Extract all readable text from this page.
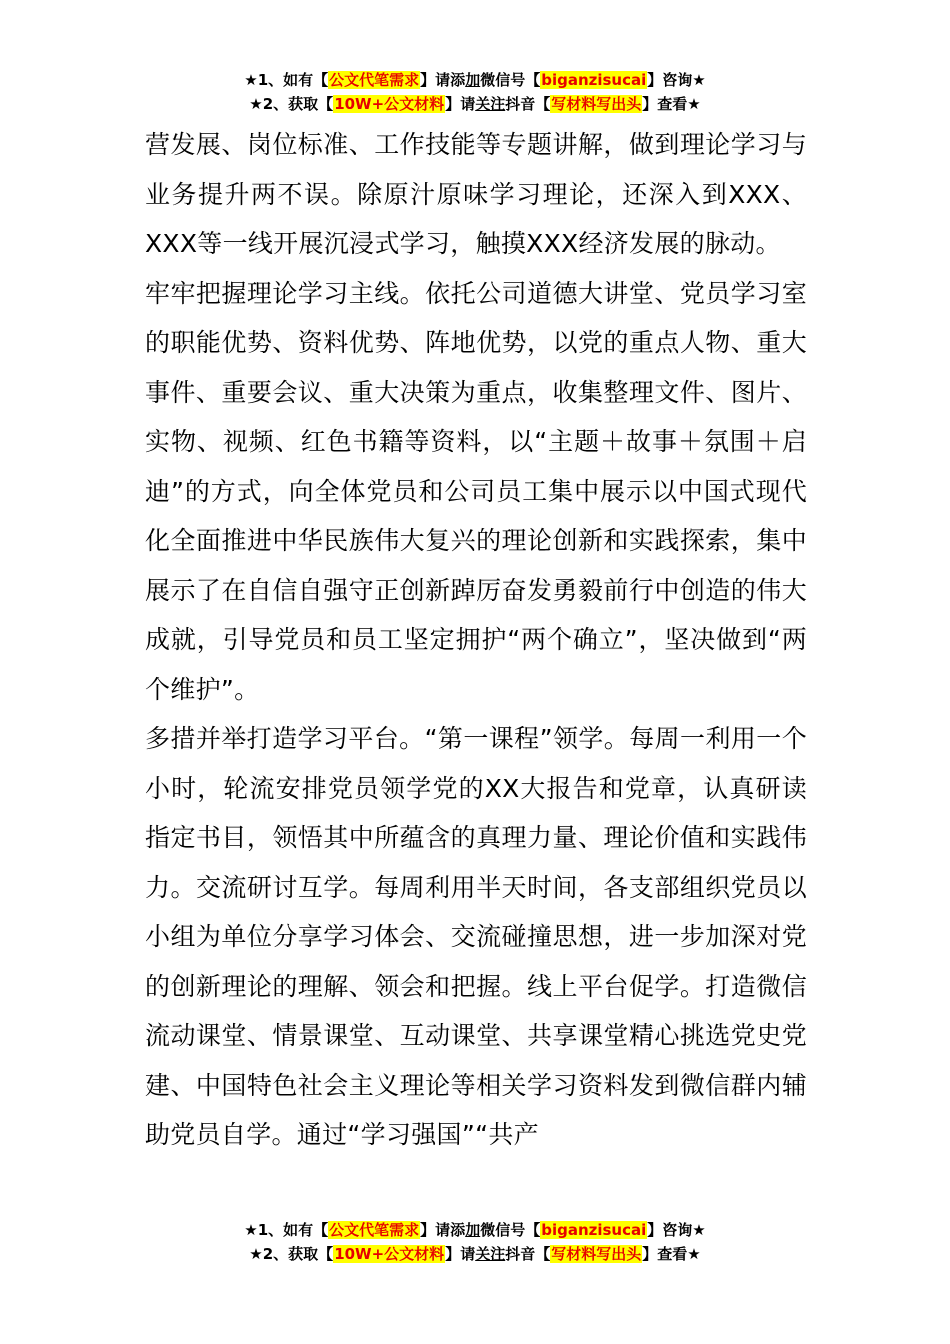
★1、如有【公文代笔需求】请添加微信号【biganzisucai】咨询★
★2、获取【10W+公文材料】请关注抖音【写材料写出头】查看★

营发展、岗位标准、工作技能等专题讲解，做到理论学习与业务提升两不误。除原汁原味学习理论，还深入到XXX、XXX等一线开展沉浸式学习，触摸XXX经济发展的脉动。

牢牢把握理论学习主线。依托公司道德大讲堂、党员学习室的职能优势、资料优势、阵地优势，以党的重点人物、重大事件、重要会议、重大决策为重点，收集整理文件、图片、实物、视频、红色书籍等资料，以“主题＋故事＋氛围＋启迪”的方式，向全体党员和公司员工集中展示以中国式现代化全面推进中华民族伟大复兴的理论创新和实践探索，集中展示了在自信自强守正创新踔厉奋发勇毅前行中创造的伟大成就，引导党员和员工坚定拥护“两个确立”，坚决做到“两个维护”。

多措并举打造学习平台。“第一课程”领学。每周一利用一个小时，轮流安排党员领学党的XX大报告和党章，认真研读指定书目，领悟其中所蕴含的真理力量、理论价值和实践伟力。交流研讨互学。每周利用半天时间，各支部组织党员以小组为单位分享学习体会、交流碰撞思想，进一步加深对党的创新理论的理解、领会和把握。线上平台促学。打造微信流动课堂、情景课堂、互动课堂、共享课堂精心挑选党史党建、中国特色社会主义理论等相关学习资料发到微信群内辅助党员自学。通过“学习强国”“共产

★1、如有【公文代笔需求】请添加微信号【biganzisucai】咨询★
★2、获取【10W+公文材料】请关注抖音【写材料写出头】查看★
